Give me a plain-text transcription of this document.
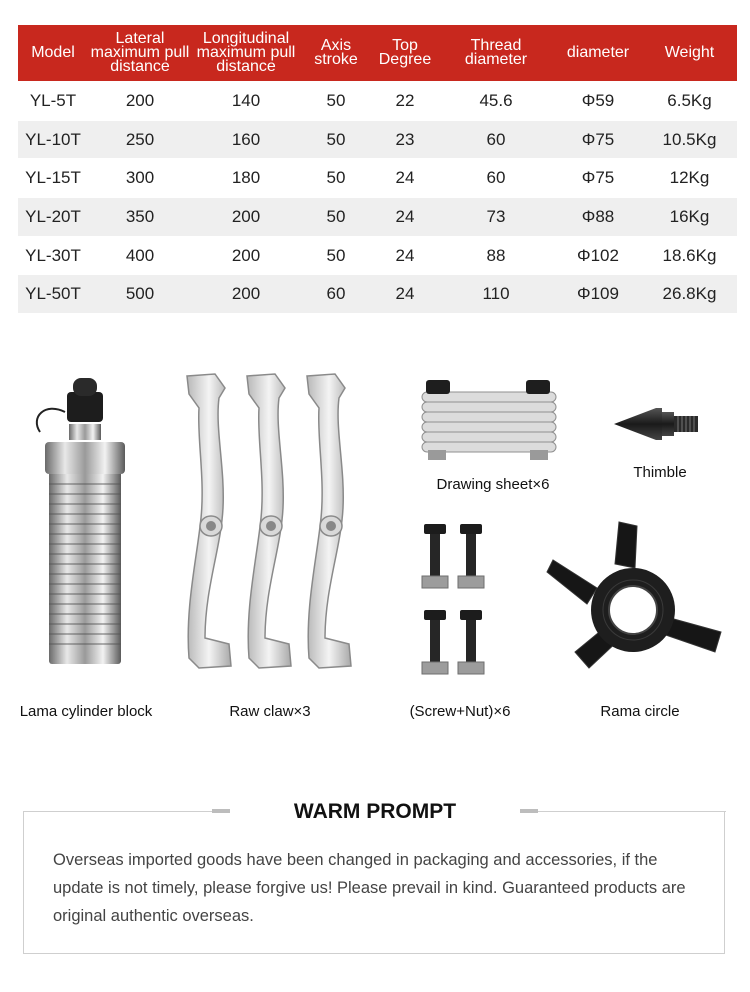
Model	Lateral maximum pull distance	Longitudinal maximum pull distance	Axis stroke	Top Degree	Thread diameter	diameter	Weight
YL-5T	200	140	50	22	45.6	Φ59	6.5Kg
YL-10T	250	160	50	23	60	Φ75	10.5Kg
YL-15T	300	180	50	24	60	Φ75	12Kg
YL-20T	350	200	50	24	73	Φ88	16Kg
YL-30T	400	200	50	24	88	Φ102	18.6Kg
YL-50T	500	200	60	24	110	Φ109	26.8Kg
Lama cylinder block	Raw claw×3
Drawing sheet×6
Thimble
(Screw+Nut)×6	Rama circle
WARM PROMPT
Overseas imported goods have been changed in packaging and accessories, if the update is not timely, please forgive us! Please prevail in kind. Guaranteed products are original authentic overseas.
